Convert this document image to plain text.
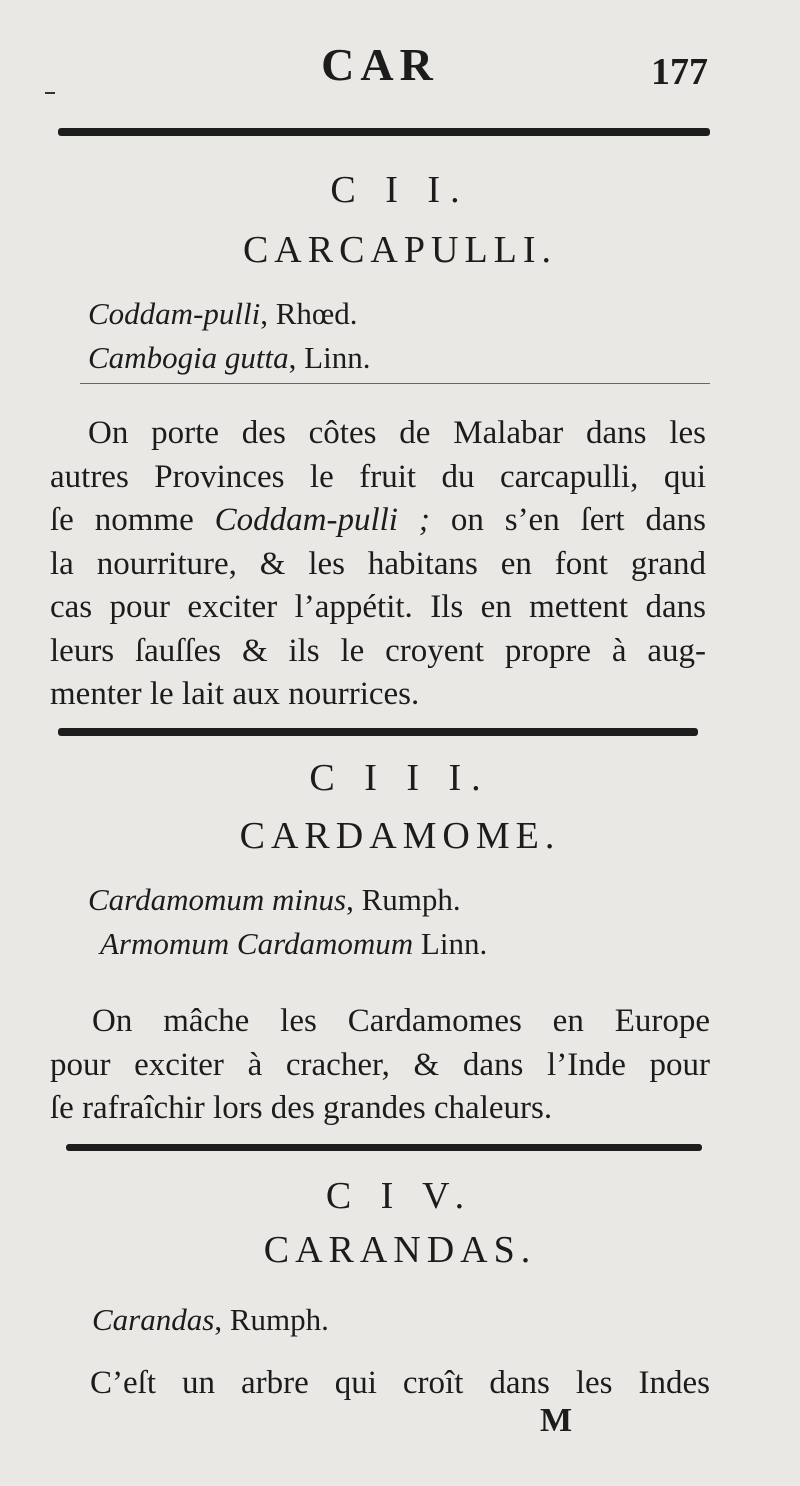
CAR	177
C I I.
CARCAPULLI.
Coddam-pulli, Rhœd.
Cambogia gutta, Linn.
On porte des côtes de Malabar dans les
autres Provinces le fruit du carcapulli, qui
ſe nomme Coddam-pulli ; on s’en ſert dans
la nourriture, & les habitans en font grand
cas pour exciter l’appétit. Ils en mettent dans
leurs ſauſſes & ils le croyent propre à aug-
menter le lait aux nourrices.
C I I I.
CARDAMOME.
Cardamomum minus, Rumph.
Armomum Cardamomum Linn.
On mâche les Cardamomes en Europe
pour exciter à cracher, & dans l’Inde pour
ſe rafraîchir lors des grandes chaleurs.
C I V.
CARANDAS.
Carandas, Rumph.
C’eſt un arbre qui croît dans les Indes
M
